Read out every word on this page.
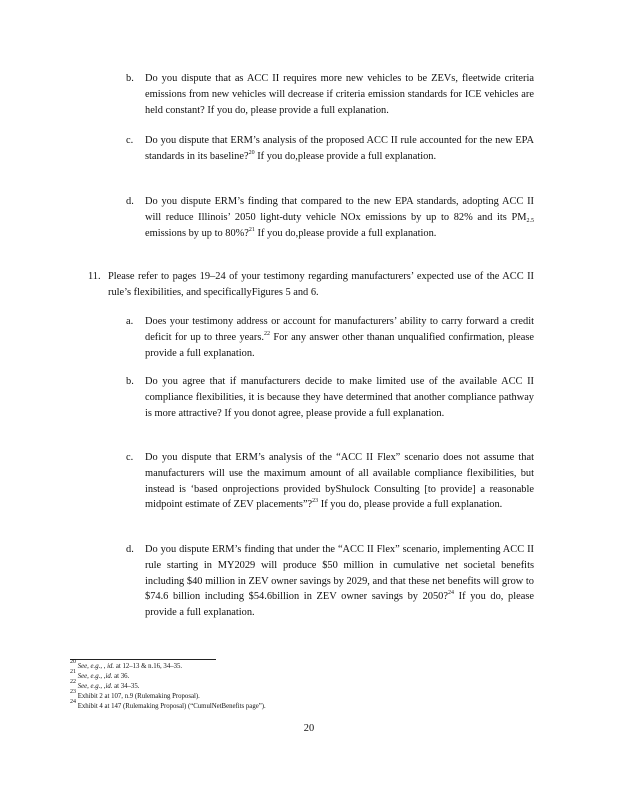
b. Do you dispute that as ACC II requires more new vehicles to be ZEVs, fleetwide criteria emissions from new vehicles will decrease if criteria emission standards for ICE vehicles are held constant? If you do, please provide a full explanation.
c. Do you dispute that ERM’s analysis of the proposed ACC II rule accounted for the new EPA standards in its baseline?$^{20}$ If you do,please provide a full explanation.
d. Do you dispute ERM’s finding that compared to the new EPA standards, adopting ACC II will reduce Illinois’ 2050 light-duty vehicle NOx emissions by up to 82% and its $PM_{2.5}$ emissions by up to 80%?$^{21}$ If you do,please provide a full explanation.
11. Please refer to pages 19–24 of your testimony regarding manufacturers’ expected use of the ACC II rule’s flexibilities, and specificallyFigures 5 and 6.
a. Does your testimony address or account for manufacturers’ ability to carry forward a credit deficit for up to three years.$^{22}$ For any answer other thanan unqualified confirmation, please provide a full explanation.
b. Do you agree that if manufacturers decide to make limited use of the available ACC II compliance flexibilities, it is because they have determined that another compliance pathway is more attractive? If you donot agree, please provide a full explanation.
c. Do you dispute that ERM’s analysis of the “ACC II Flex” scenario does not assume that manufacturers will use the maximum amount of all available compliance flexibilities, but instead is ‘based onprojections provided byShulock Consulting [to provide] a reasonable midpoint estimate of ZEV placements”?$^{23}$ If you do, please provide a full explanation.
d. Do you dispute ERM’s finding that under the “ACC II Flex” scenario, implementing ACC II rule starting in MY2029 will produce $50 million in cumulative net societal benefits including $40 million in ZEV owner savings by 2029, and that these net benefits will grow to $74.6 billion including $54.6billion in ZEV owner savings by 2050?$^{24}$ If you do, please provide a full explanation.
20 See, e.g., , id. at 12–13 & n.16, 34–35.
21 See, e.g., ,id. at 36.
22 See, e.g., ,id. at 34–35.
23 Exhibit 2 at 107, n.9 (Rulemaking Proposal).
24 Exhibit 4 at 147 (Rulemaking Proposal) (“CumulNetBenefits page”).
20
